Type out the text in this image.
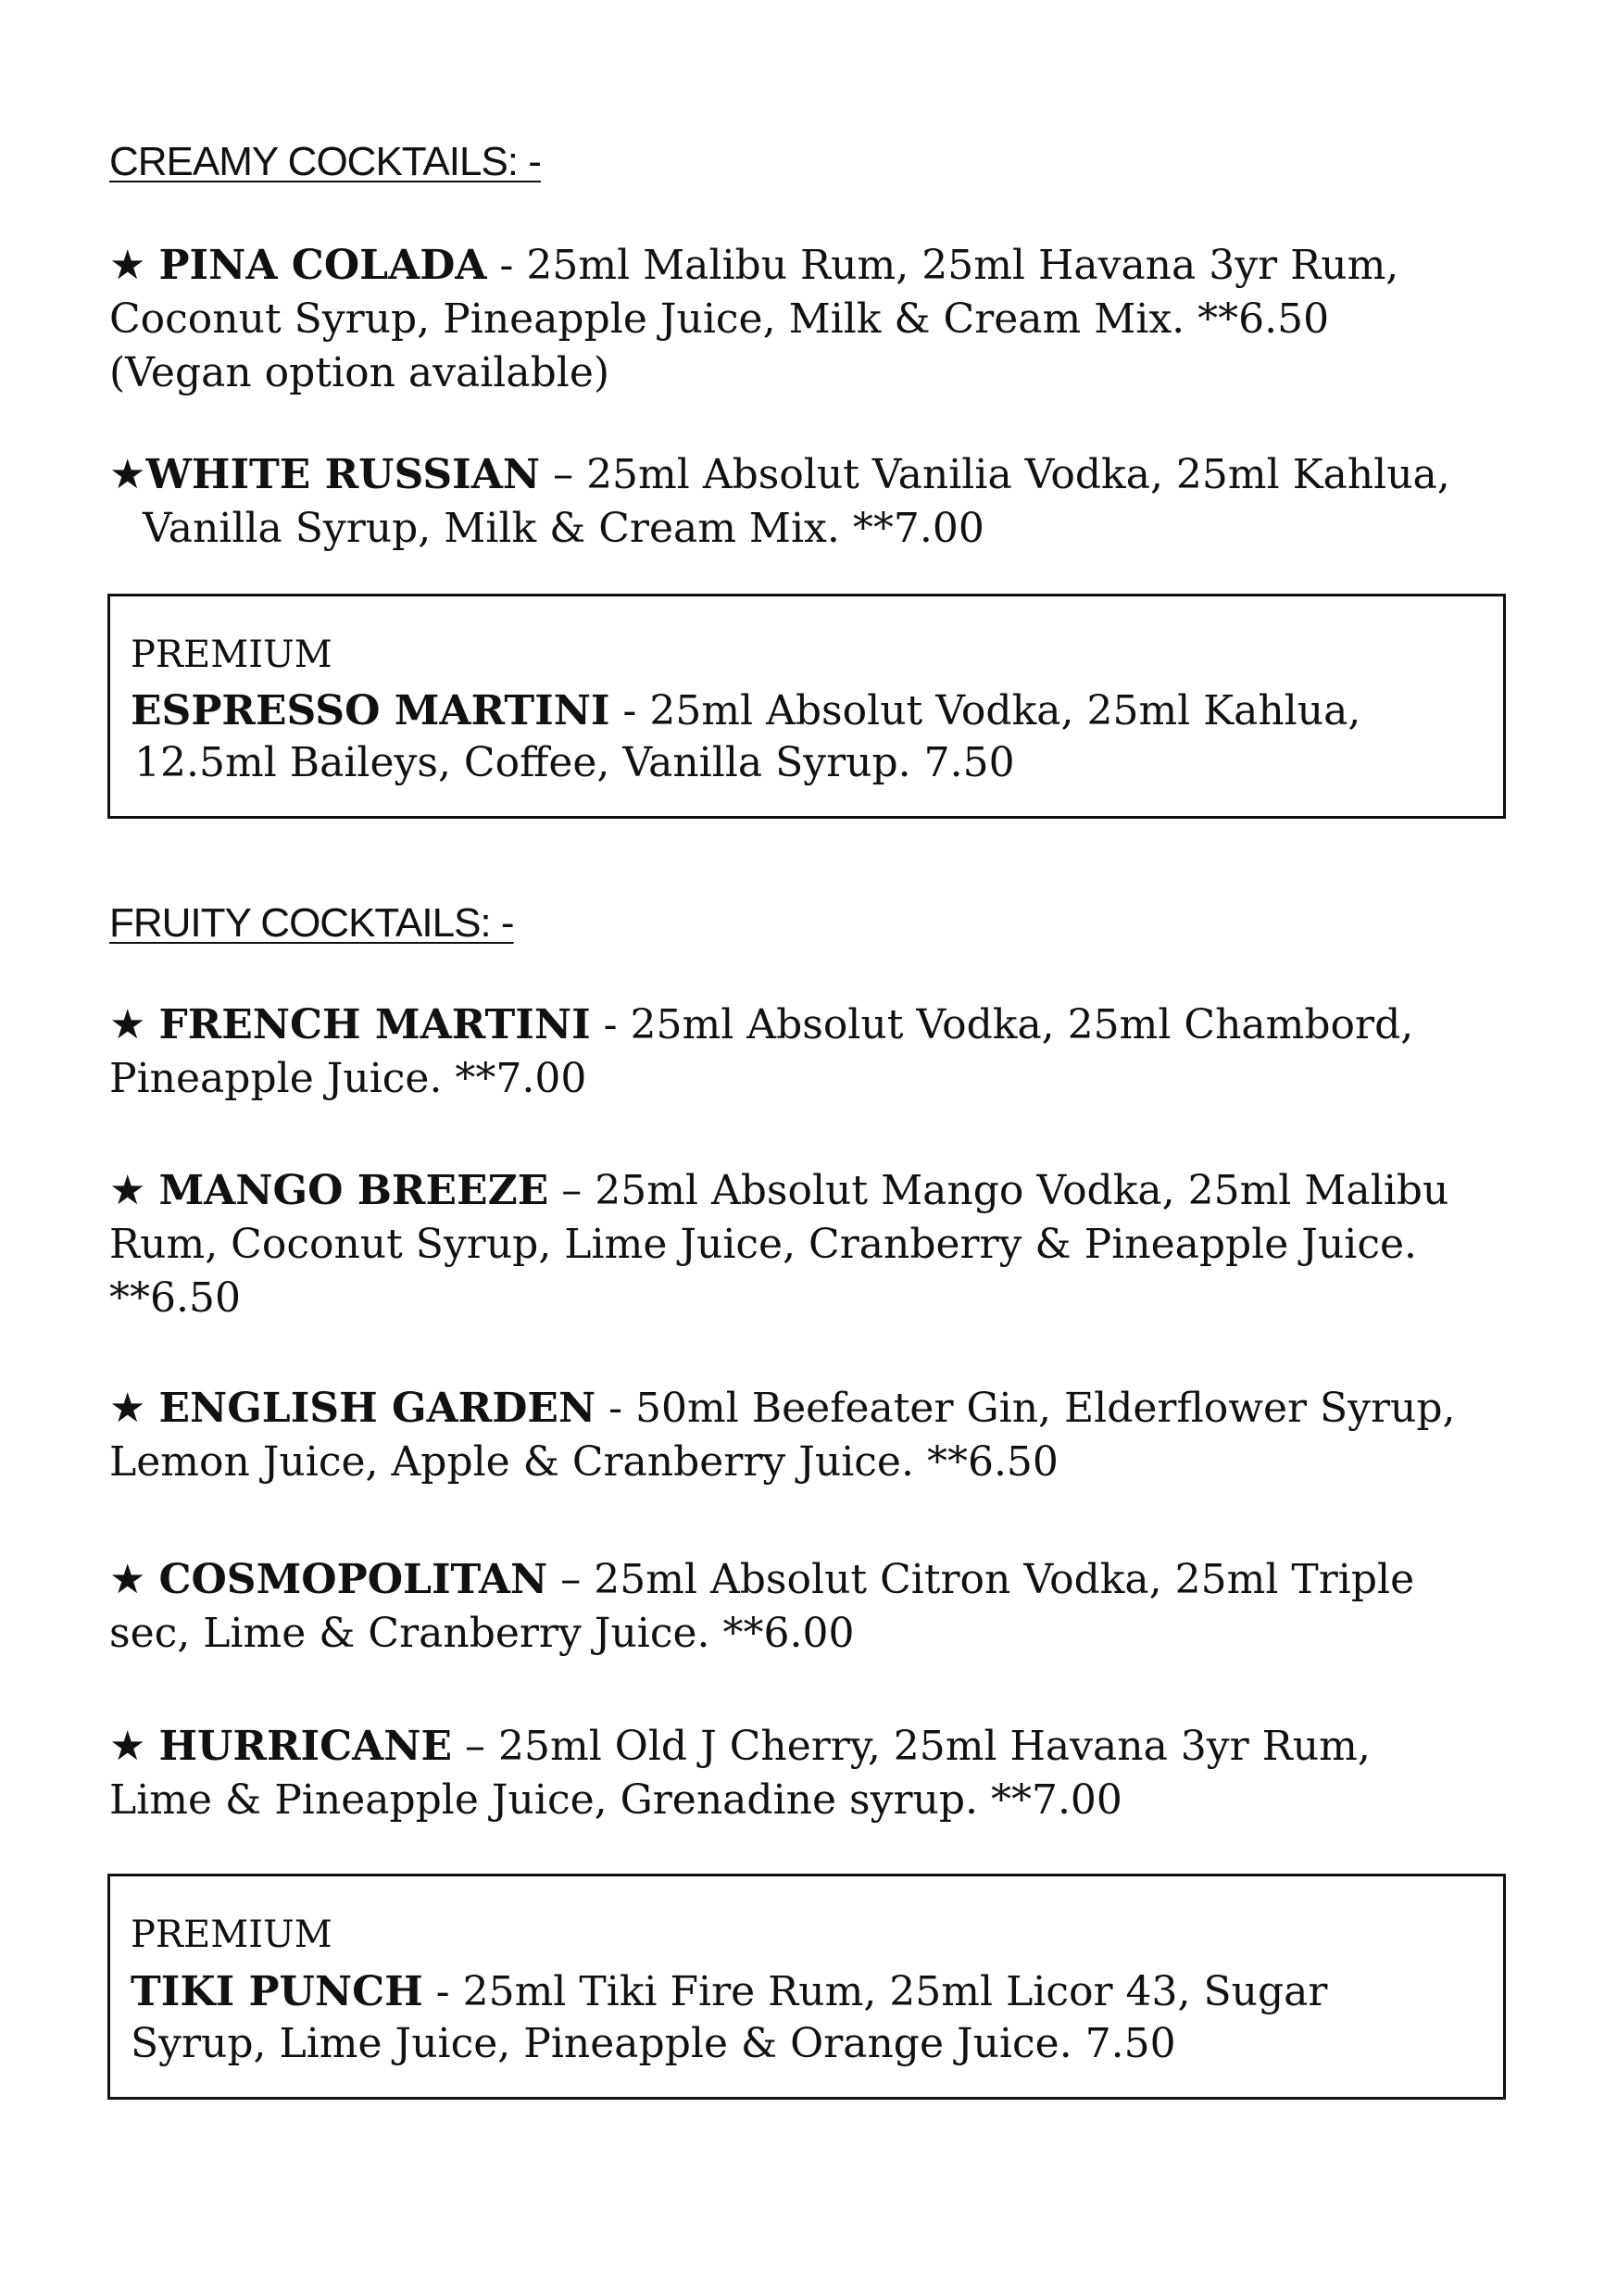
CREAMY COCKTAILS: -
★ PINA COLADA - 25ml Malibu Rum, 25ml Havana 3yr Rum,
Coconut Syrup, Pineapple Juice, Milk & Cream Mix. **6.50
(Vegan option available)
★WHITE RUSSIAN – 25ml Absolut Vanilia Vodka, 25ml Kahlua,
Vanilla Syrup, Milk & Cream Mix. **7.00
PREMIUM
ESPRESSO MARTINI - 25ml Absolut Vodka, 25ml Kahlua,
12.5ml Baileys, Coffee, Vanilla Syrup. 7.50
FRUITY COCKTAILS: -
★ FRENCH MARTINI - 25ml Absolut Vodka, 25ml Chambord,
Pineapple Juice. **7.00
★ MANGO BREEZE – 25ml Absolut Mango Vodka, 25ml Malibu
Rum, Coconut Syrup, Lime Juice, Cranberry & Pineapple Juice.
**6.50
★ ENGLISH GARDEN - 50ml Beefeater Gin, Elderflower Syrup,
Lemon Juice, Apple & Cranberry Juice. **6.50
★ COSMOPOLITAN – 25ml Absolut Citron Vodka, 25ml Triple
sec, Lime & Cranberry Juice. **6.00
★ HURRICANE – 25ml Old J Cherry, 25ml Havana 3yr Rum,
Lime & Pineapple Juice, Grenadine syrup. **7.00
PREMIUM
TIKI PUNCH - 25ml Tiki Fire Rum, 25ml Licor 43, Sugar
Syrup, Lime Juice, Pineapple & Orange Juice. 7.50
